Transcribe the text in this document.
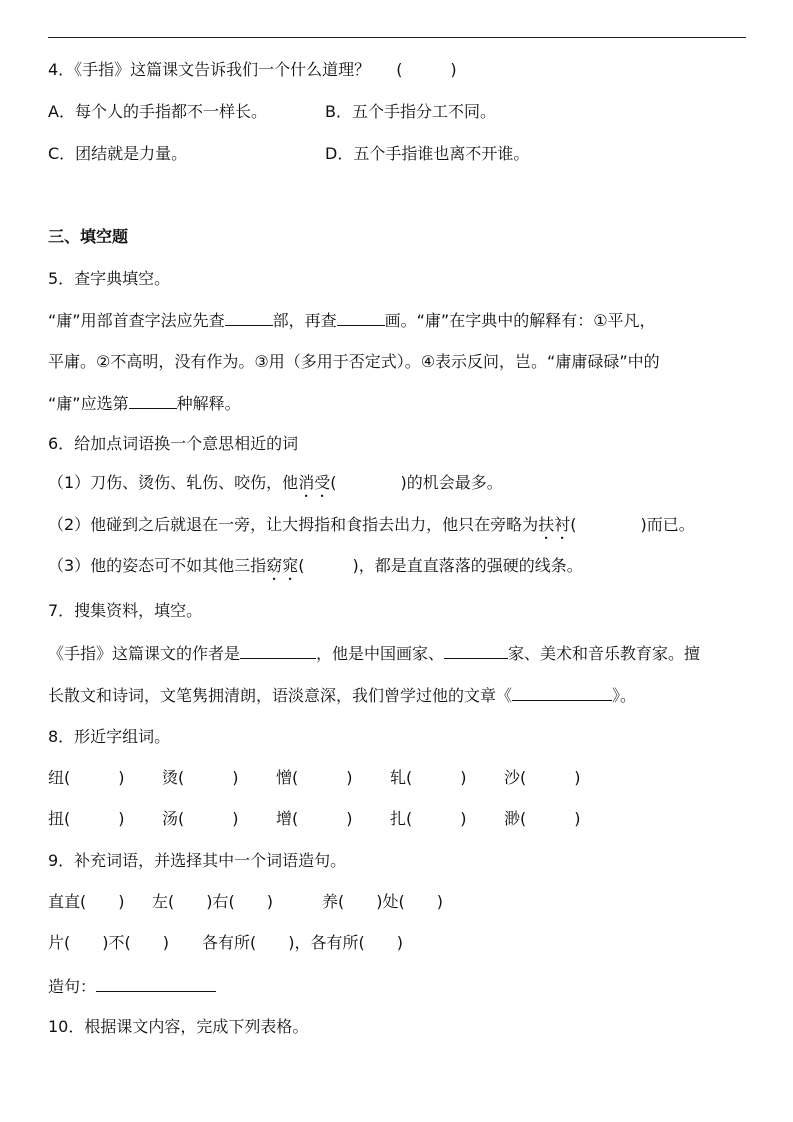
4．《手指》这篇课文告诉我们一个什么道理？ (　　　)
A．每个人的手指都不一样长。	B．五个手指分工不同。
C．团结就是力量。	D．五个手指谁也离不开谁。
三、填空题
5．查字典填空。
“庸”用部首查字法应先查	部，再查	画。“庸”在字典中的解释有：①平凡，
平庸。②不高明，没有作为。③用（多用于否定式）。④表示反问，岂。“庸庸碌碌”中的
“庸”应选第	种解释。
6．给加点词语换一个意思相近的词
（1）刀伤、烫伤、轧伤、咬伤，他消受(　　　　)的机会最多。
（2）他碰到之后就退在一旁，让大拇指和食指去出力，他只在旁略为扶衬(　　　　)而已。
（3）他的姿态可不如其他三指窈窕(　　　)，都是直直落落的强硬的线条。
7．搜集资料，填空。
《手指》这篇课文的作者是	，他是中国画家、	家、美术和音乐教育家。擅
长散文和诗词，文笔隽拥清朗，语淡意深，我们曾学过他的文章《	》。
8．形近字组词。
纽(　　　) 烫(　　　) 憎(　　　) 轧(　　　) 沙(　　　)
扭(　　　) 汤(　　　) 增(　　　) 扎(　　　) 渺(　　　)
9．补充词语，并选择其中一个词语造句。
直直(　　) 左(　　)右(　　)	养(　　)处(　　)
片(　　)不(　　) 各有所(　　)，各有所(　　)
造句：
10．根据课文内容，完成下列表格。
